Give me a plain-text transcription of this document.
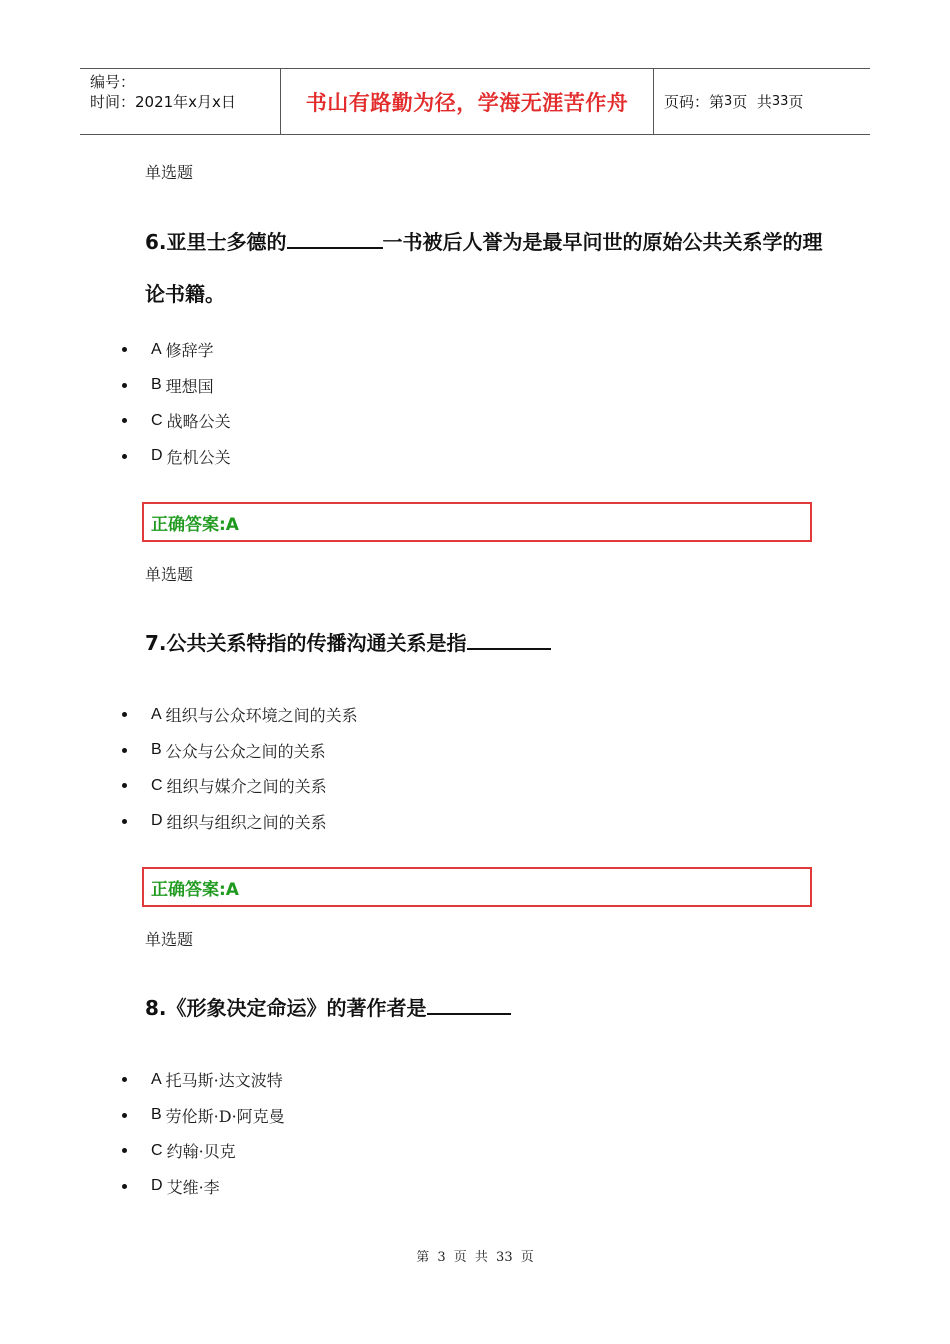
编号：
时间：2021年x月x日	书山有路勤为径，学海无涯苦作舟 页码：第 3 页  共 33 页
单选题
6.亚里士多德的	一书被后人誉为是最早问世的原始公共关系学的理论书籍。
A 修辞学
B 理想国
C 战略公关
D 危机公关
正确答案:A
单选题
7.公共关系特指的传播沟通关系是指
A 组织与公众环境之间的关系
B 公众与公众之间的关系
C 组织与媒介之间的关系
D 组织与组织之间的关系
正确答案:A
单选题
8.《形象决定命运》的著作者是
A 托马斯·达文波特
B 劳伦斯·D·阿克曼
C 约翰·贝克
D 艾维·李
第 3 页 共 33 页
